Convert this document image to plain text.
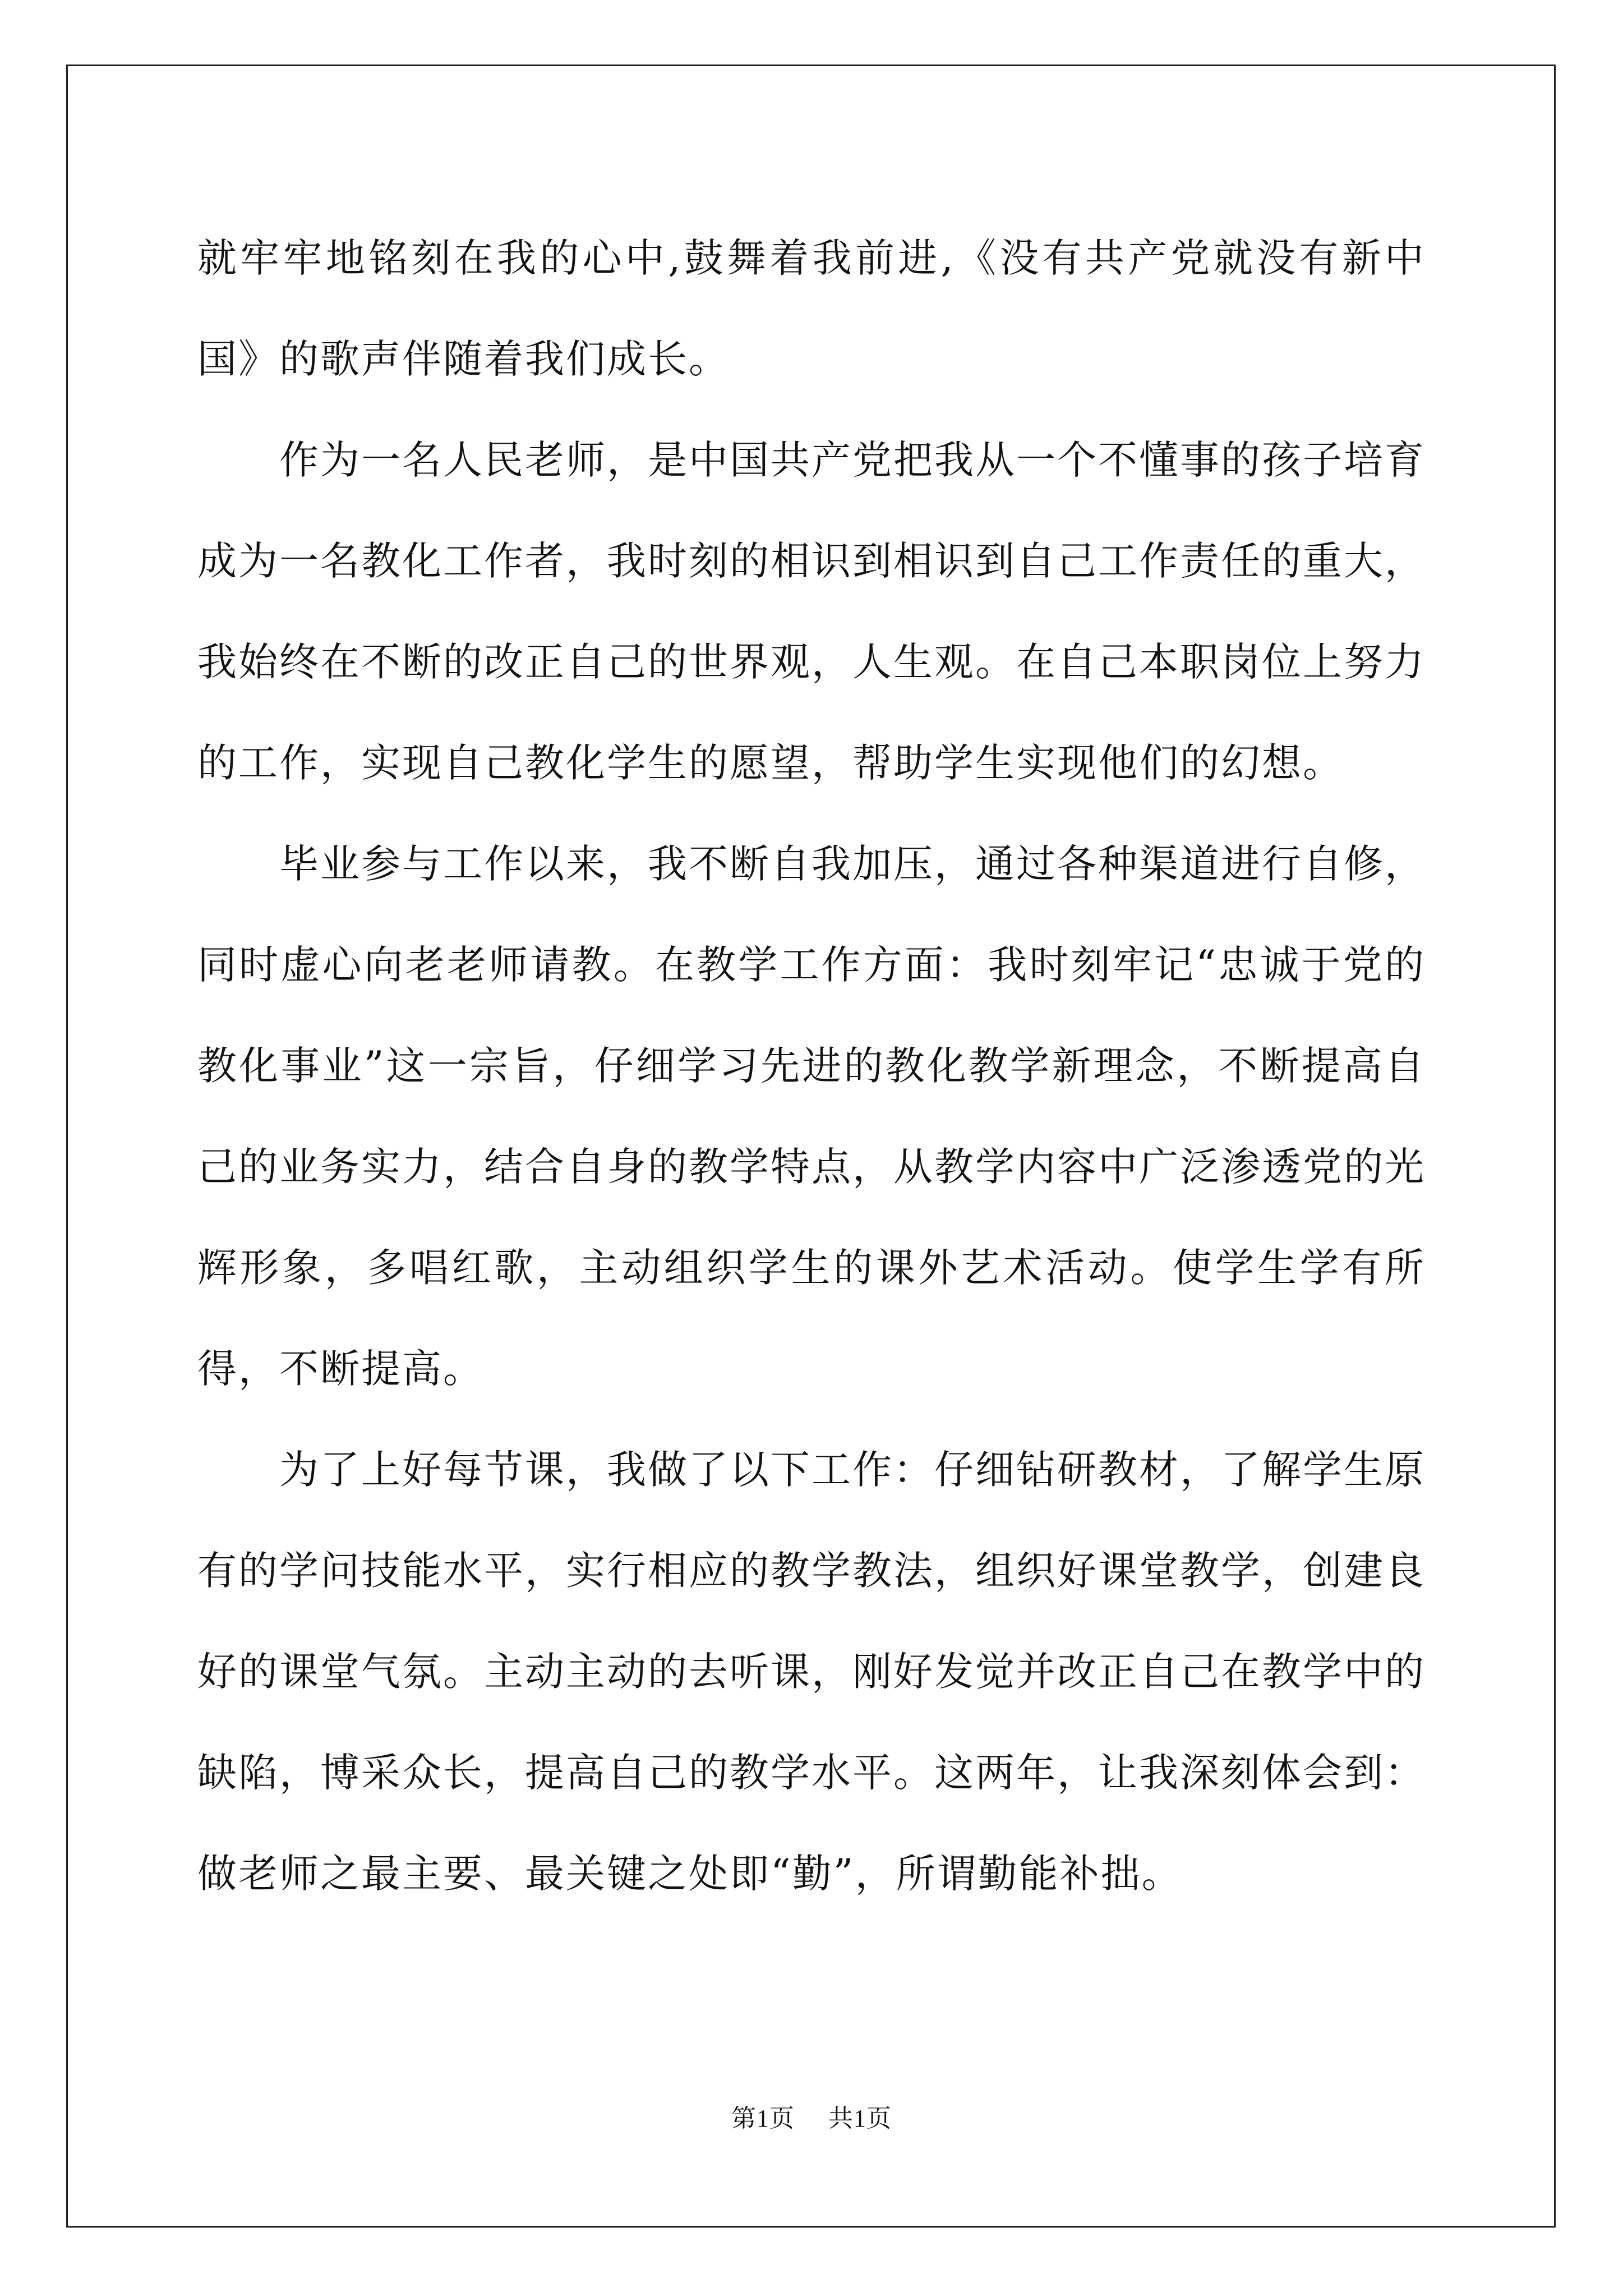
就牢牢地铭刻在我的心中,鼓舞着我前进,《没有共产党就没有新中国》的歌声伴随着我们成长。

作为一名人民老师，是中国共产党把我从一个不懂事的孩子培育成为一名教化工作者，我时刻的相识到相识到自己工作责任的重大，我始终在不断的改正自己的世界观，人生观。在自己本职岗位上努力的工作，实现自己教化学生的愿望，帮助学生实现他们的幻想。

毕业参与工作以来，我不断自我加压，通过各种渠道进行自修，同时虚心向老老师请教。在教学工作方面：我时刻牢记“忠诚于党的教化事业”这一宗旨，仔细学习先进的教化教学新理念，不断提高自己的业务实力，结合自身的教学特点，从教学内容中广泛渗透党的光辉形象，多唱红歌，主动组织学生的课外艺术活动。使学生学有所得，不断提高。

为了上好每节课，我做了以下工作：仔细钻研教材，了解学生原有的学问技能水平，实行相应的教学教法，组织好课堂教学，创建良好的课堂气氛。主动主动的去听课，刚好发觉并改正自己在教学中的缺陷，博采众长，提高自己的教学水平。这两年，让我深刻体会到：做老师之最主要、最关键之处即“勤”，所谓勤能补拙。

第1页 共1页
